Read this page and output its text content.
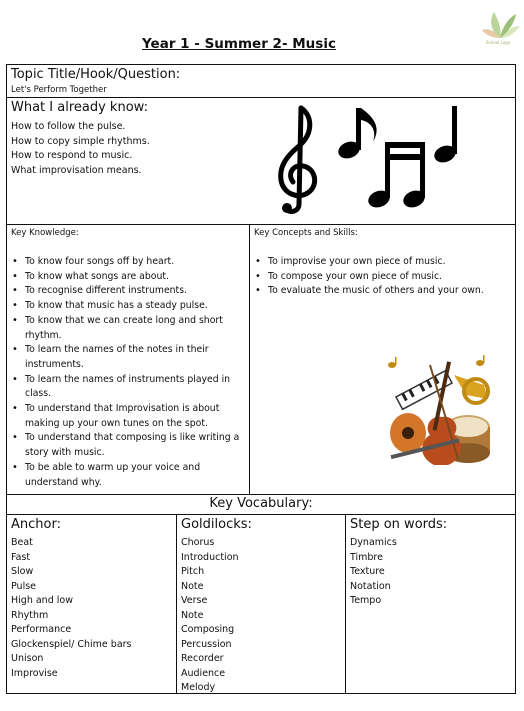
School Logo
Year 1 - Summer 2- Music
Topic Title/Hook/Question:
Let's Perform Together
What I already know:
How to follow the pulse.
How to copy simple rhythms.
How to respond to music.
What improvisation means.
Key Knowledge:
• To know four songs off by heart.
• To know what songs are about.
• To recognise different instruments.
• To know that music has a steady pulse.
• To know that we can create long and short rhythm.
• To learn the names of the notes in their instruments.
• To learn the names of instruments played in class.
• To understand that Improvisation is about making up your own tunes on the spot.
• To understand that composing is like writing a story with music.
• To be able to warm up your voice and understand why.
Key Concepts and Skills:
• To improvise your own piece of music.
• To compose your own piece of music.
• To evaluate the music of others and your own.
Key Vocabulary:
Anchor:
Beat
Fast
Slow
Pulse
High and low
Rhythm
Performance
Glockenspiel/ Chime bars
Unison
Improvise
Goldilocks:
Chorus
Introduction
Pitch
Note
Verse
Note
Composing
Percussion
Recorder
Audience
Melody
Step on words:
Dynamics
Timbre
Texture
Notation
Tempo
